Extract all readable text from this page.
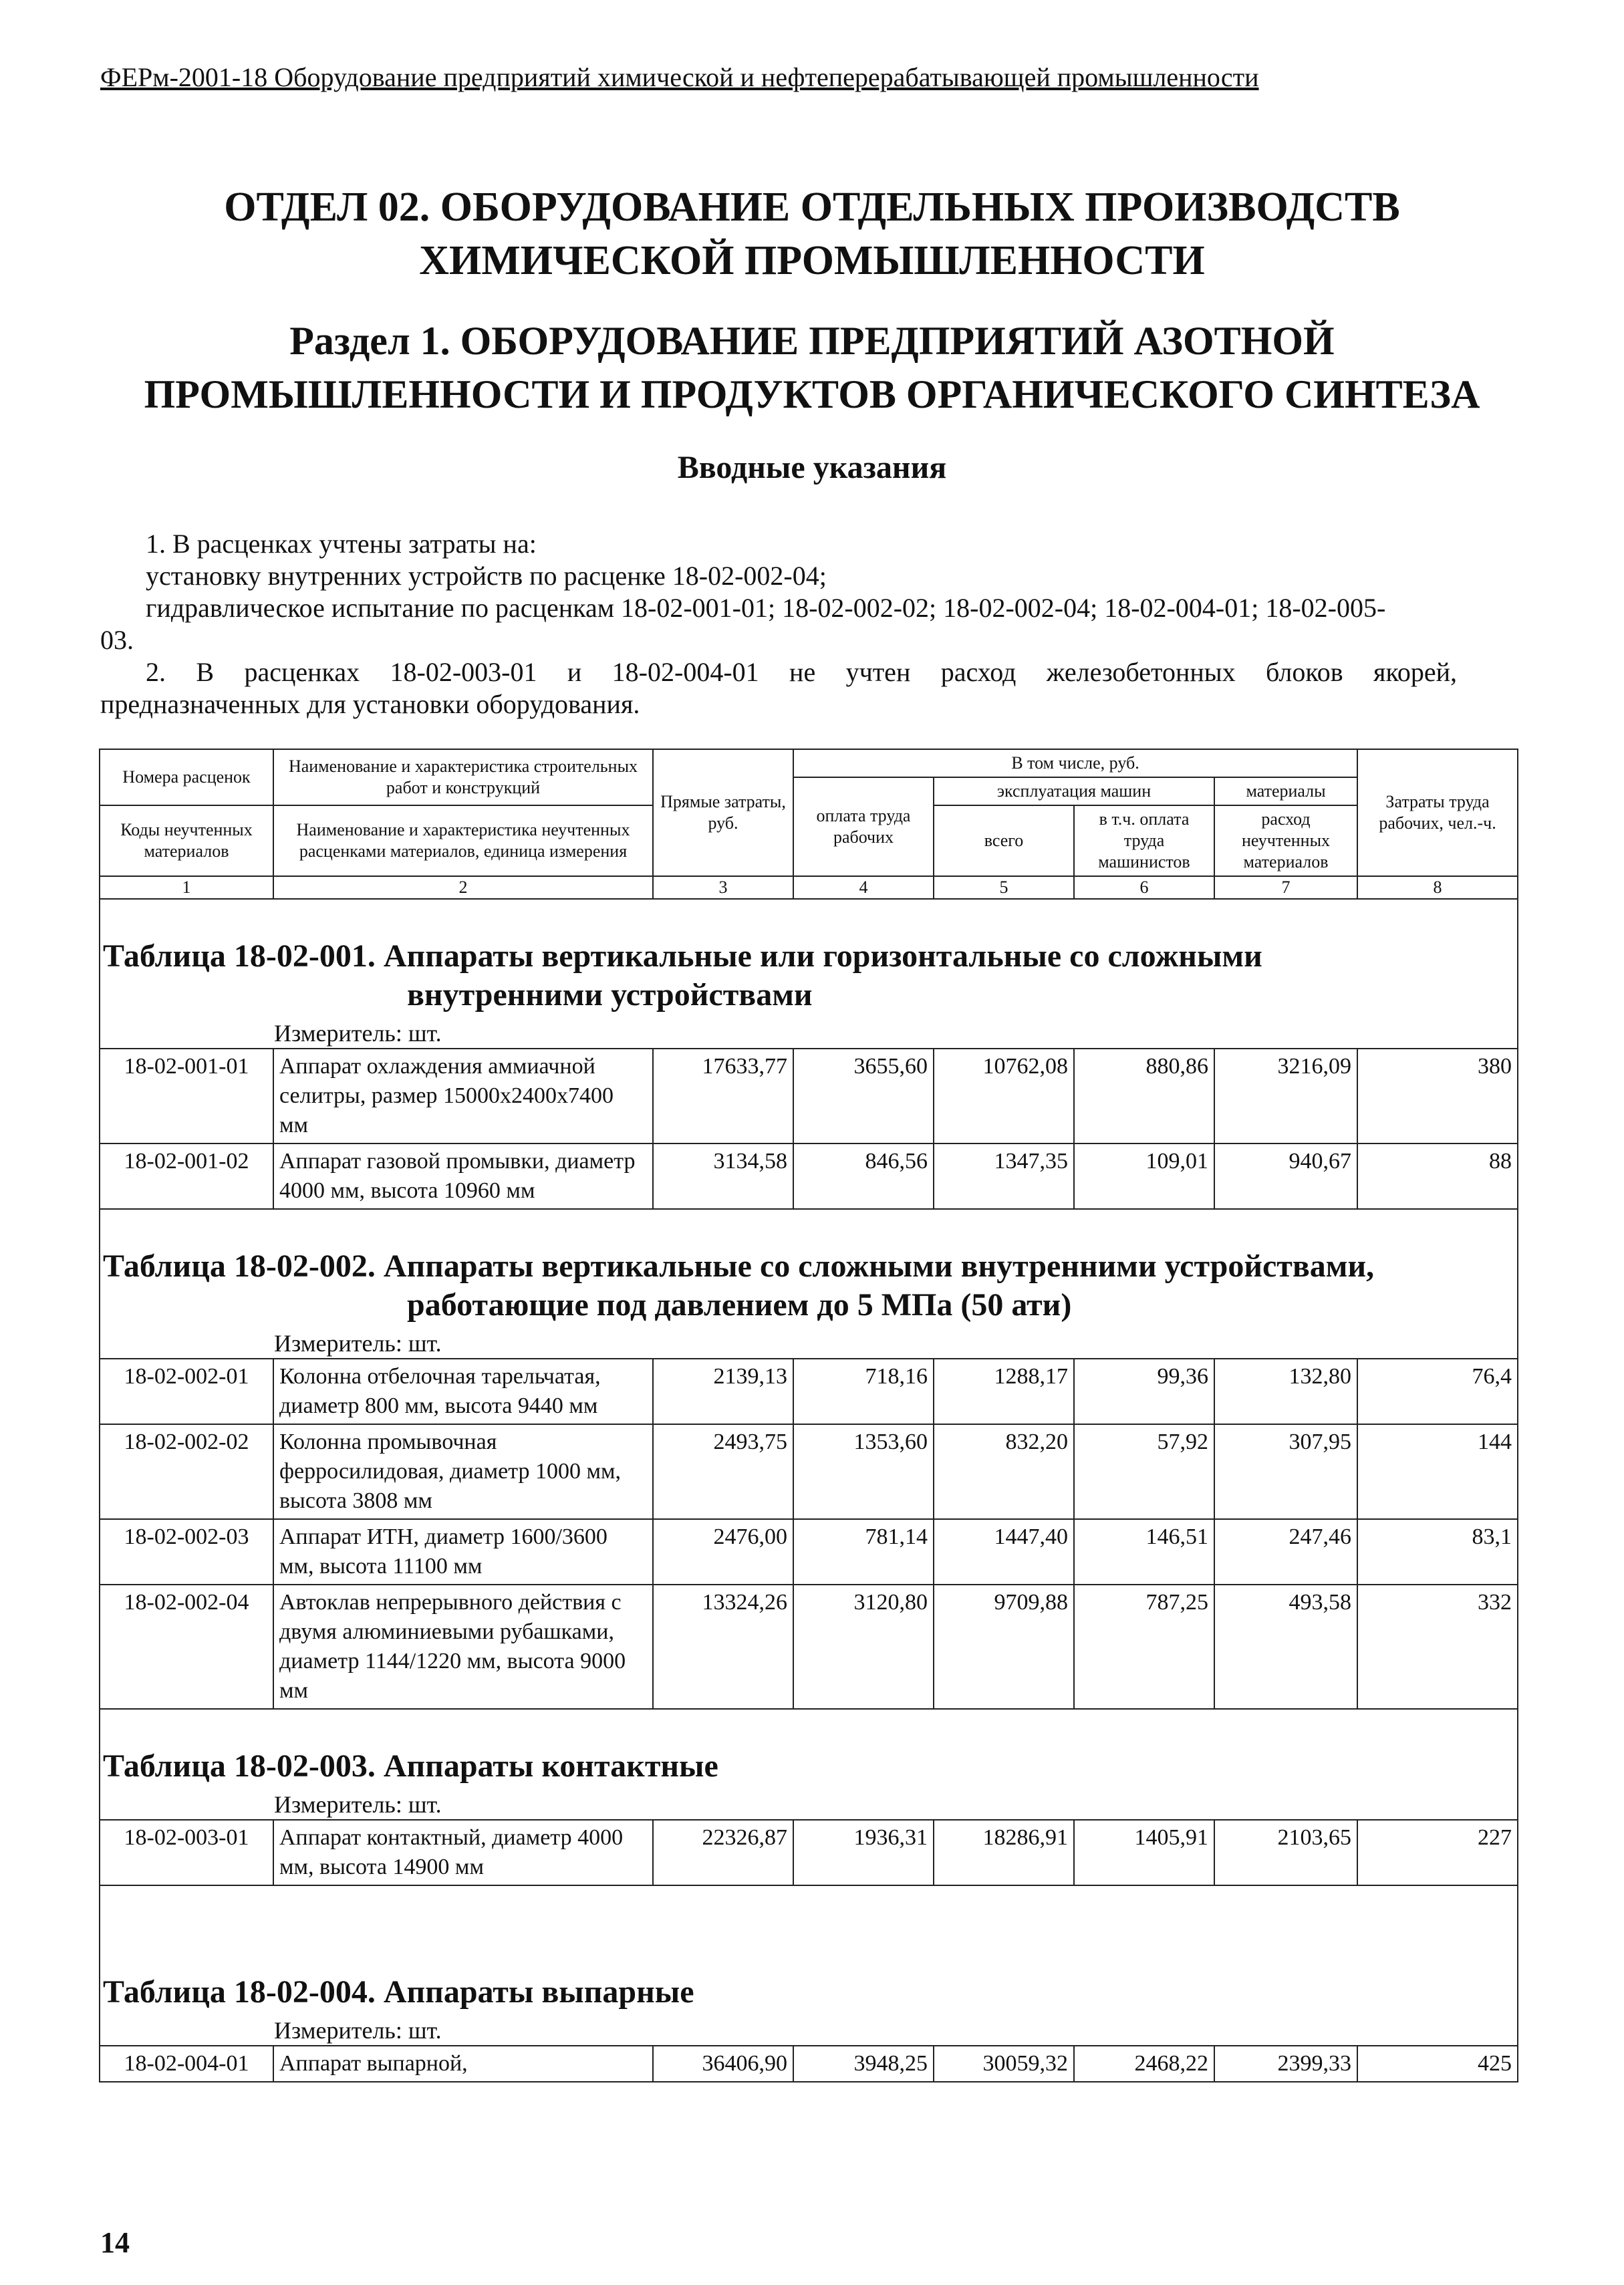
ФЕРм-2001-18 Оборудование предприятий химической и нефтеперерабатывающей промышленности
ОТДЕЛ 02. ОБОРУДОВАНИЕ ОТДЕЛЬНЫХ ПРОИЗВОДСТВ
ХИМИЧЕСКОЙ ПРОМЫШЛЕННОСТИ
Раздел 1. ОБОРУДОВАНИЕ ПРЕДПРИЯТИЙ АЗОТНОЙ
ПРОМЫШЛЕННОСТИ И ПРОДУКТОВ ОРГАНИЧЕСКОГО СИНТЕЗА
Вводные указания
1. В расценках учтены затраты на:
установку внутренних устройств по расценке 18-02-002-04;
гидравлическое испытание по расценкам 18-02-001-01; 18-02-002-02; 18-02-002-04; 18-02-004-01; 18-02-005-
03.
2. В расценках 18-02-003-01 и 18-02-004-01 не учтен расход железобетонных блоков якорей,
предназначенных для установки оборудования.
Номера расценок	Наименование и характеристика строительных работ и конструкций	Прямые затраты, руб.	В том числе, руб.				Затраты труда рабочих, чел.-ч.
			оплата труда рабочих	эксплуатация машин		материалы	
Коды неучтенных материалов	Наименование и характеристика неучтенных расценками материалов, единица измерения			всего	в т.ч. оплата труда машинистов	расход неучтенных материалов	

1	2	3	4	5	6	7	8

Таблица 18-02-001. Аппараты вертикальные или горизонтальные со сложными
внутренними устройствами							

Измеритель: шт.							
18-02-001-01	Аппарат охлаждения аммиачной селитры, размер 15000х2400х7400 мм	17633,77	3655,60	10762,08	880,86	3216,09	380
18-02-001-02	Аппарат газовой промывки, диаметр 4000 мм, высота 10960 мм	3134,58	846,56	1347,35	109,01	940,67	88

Таблица 18-02-002. Аппараты вертикальные со сложными внутренними устройствами,
работающие под давлением до 5 МПа (50 ати)							

Измеритель: шт.							
18-02-002-01	Колонна отбелочная тарельчатая, диаметр 800 мм, высота 9440 мм	2139,13	718,16	1288,17	99,36	132,80	76,4
18-02-002-02	Колонна промывочная ферросилидовая, диаметр 1000 мм, высота 3808 мм	2493,75	1353,60	832,20	57,92	307,95	144
18-02-002-03	Аппарат ИТН, диаметр 1600/3600 мм, высота 11100 мм	2476,00	781,14	1447,40	146,51	247,46	83,1
18-02-002-04	Автоклав непрерывного действия с двумя алюминиевыми рубашками, диаметр 1144/1220 мм, высота 9000 мм	13324,26	3120,80	9709,88	787,25	493,58	332

Таблица 18-02-003. Аппараты контактные							

Измеритель: шт.							
18-02-003-01	Аппарат контактный, диаметр 4000 мм, высота 14900 мм	22326,87	1936,31	18286,91	1405,91	2103,65	227

Таблица 18-02-004. Аппараты выпарные							

Измеритель: шт.							
18-02-004-01	Аппарат выпарной,	36406,90	3948,25	30059,32	2468,22	2399,33	425
14
